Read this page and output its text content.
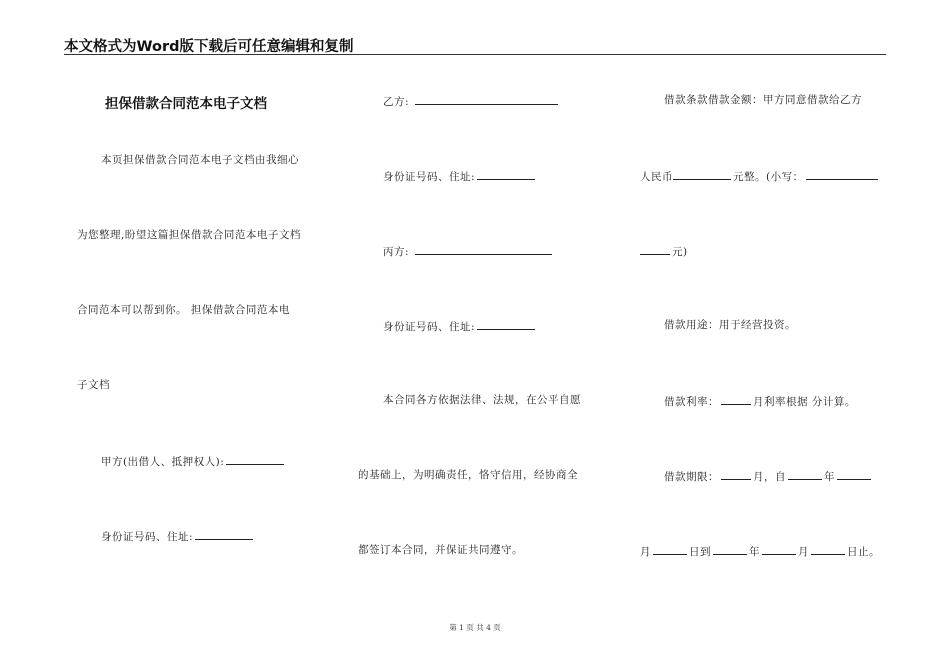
本文格式为Word版下载后可任意编辑和复制
担保借款合同范本电子文档
本页担保借款合同范本电子文档由我细心
为您整理,盼望这篇担保借款合同范本电子文档
合同范本可以帮到你。 担保借款合同范本电
子文档
甲方(出借人、抵押权人):
身份证号码、住址:
乙方:
身份证号码、住址:
丙方:
身份证号码、住址:
本合同各方依据法律、法规，在公平自愿
的基础上，为明确责任，恪守信用，经协商全
都签订本合同，并保证共同遵守。
借款条款借款金额：甲方同意借款给乙方
人民币	元整。(小写：
元)
借款用途：用于经营投资。
借款利率：	月利率根据 分计算。
借款期限：	月，自	年
月	日到	年	月	日止。
第 1 页 共 4 页
